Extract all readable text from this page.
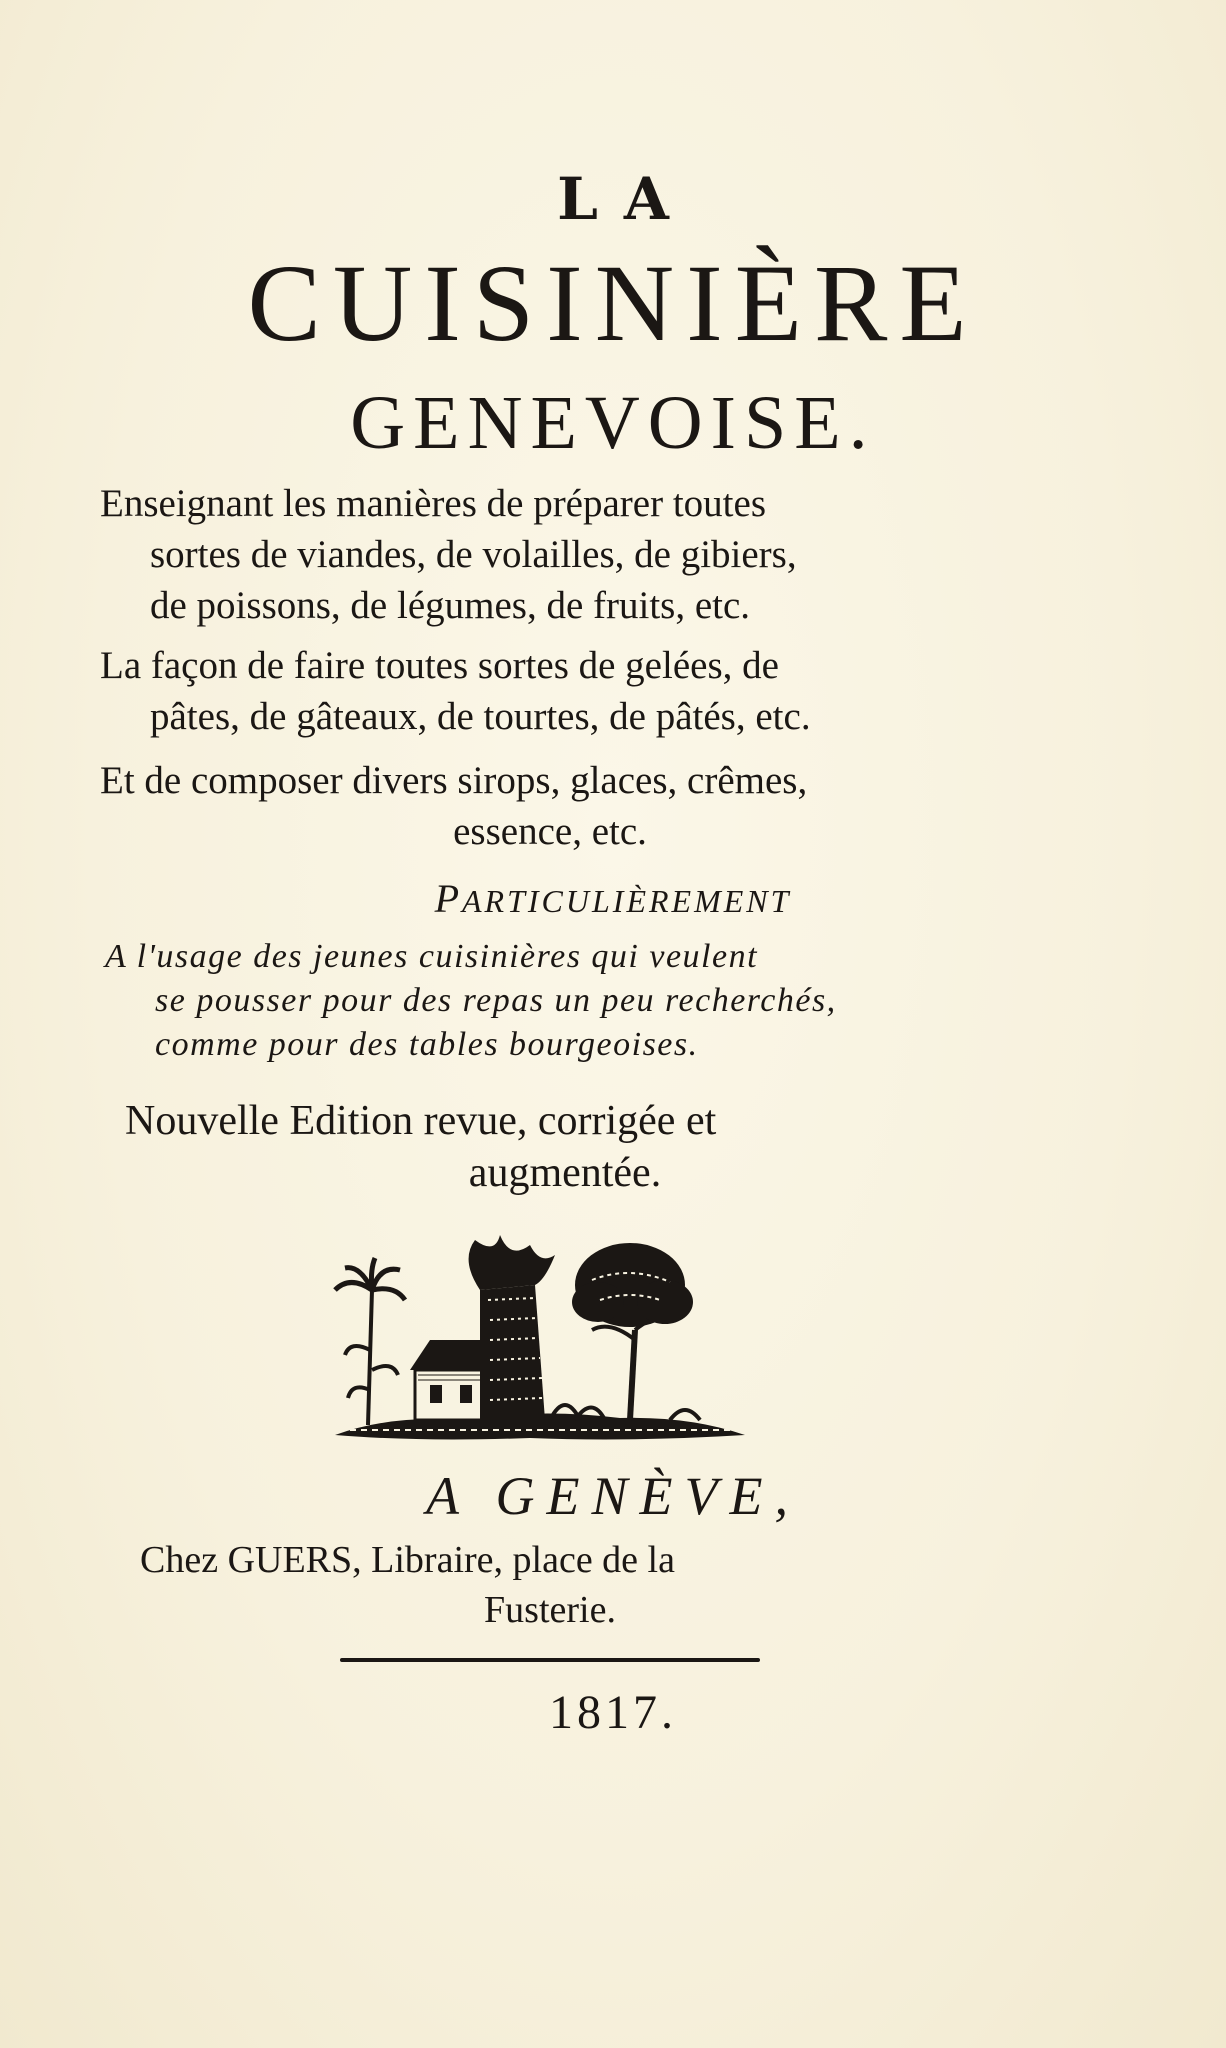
LA
CUISINIÈRE
GENEVOISE.
Enseignant les manières de préparer toutes
sortes de viandes, de volailles, de gibiers,
de poissons, de légumes, de fruits, etc.
La façon de faire toutes sortes de gelées, de
pâtes, de gâteaux, de tourtes, de pâtés, etc.
Et de composer divers sirops, glaces, crêmes,
essence, etc.
PARTICULIÈREMENT
A l'usage des jeunes cuisinières qui veulent
se pousser pour des repas un peu recherchés,
comme pour des tables bourgeoises.
Nouvelle Edition revue, corrigée et
augmentée.
A GENÈVE,
Chez GUERS, Libraire, place de la
Fusterie.
1817.
